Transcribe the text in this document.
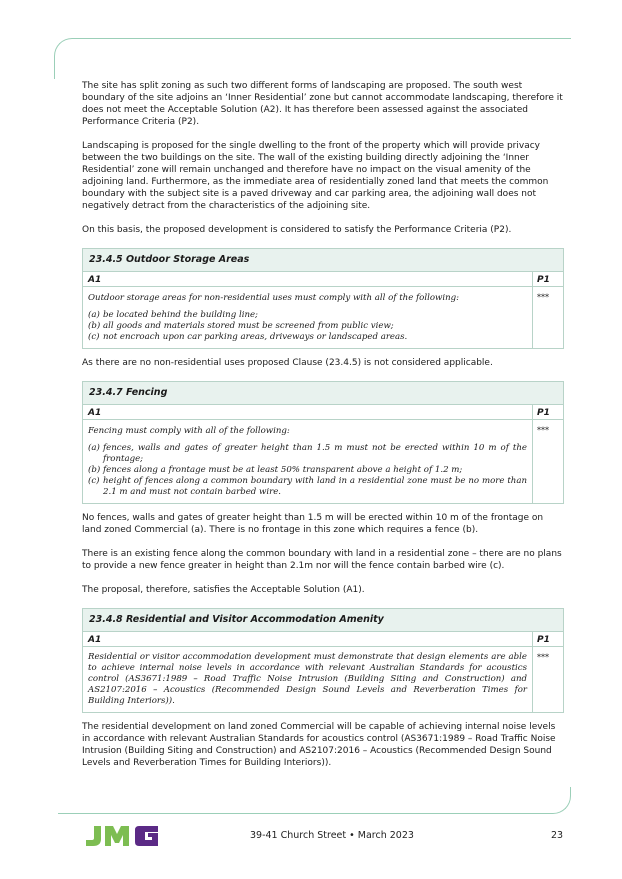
The site has split zoning as such two different forms of landscaping are proposed. The south west boundary of the site adjoins an ‘Inner Residential’ zone but cannot accommodate landscaping, therefore it does not meet the Acceptable Solution (A2). It has therefore been assessed against the associated Performance Criteria (P2).

Landscaping is proposed for the single dwelling to the front of the property which will provide privacy between the two buildings on the site. The wall of the existing building directly adjoining the ‘Inner Residential’ zone will remain unchanged and therefore have no impact on the visual amenity of the adjoining land. Furthermore, as the immediate area of residentially zoned land that meets the common boundary with the subject site is a paved driveway and car parking area, the adjoining wall does not negatively detract from the characteristics of the adjoining site.

On this basis, the proposed development is considered to satisfy the Performance Criteria (P2).

23.4.5 Outdoor Storage Areas
A1
Outdoor storage areas for non-residential uses must comply with all of the following:
(a) be located behind the building line;
(b) all goods and materials stored must be screened from public view;
(c) not encroach upon car parking areas, driveways or landscaped areas.
P1
***

As there are no non-residential uses proposed Clause (23.4.5) is not considered applicable.

23.4.7 Fencing
A1
Fencing must comply with all of the following:
(a) fences, walls and gates of greater height than 1.5 m must not be erected within 10 m of the frontage;
(b) fences along a frontage must be at least 50% transparent above a height of 1.2 m;
(c) height of fences along a common boundary with land in a residential zone must be no more than 2.1 m and must not contain barbed wire.
P1
***

No fences, walls and gates of greater height than 1.5 m will be erected within 10 m of the frontage on land zoned Commercial (a). There is no frontage in this zone which requires a fence (b).

There is an existing fence along the common boundary with land in a residential zone – there are no plans to provide a new fence greater in height than 2.1m nor will the fence contain barbed wire (c).

The proposal, therefore, satisfies the Acceptable Solution (A1).

23.4.8 Residential and Visitor Accommodation Amenity
A1
Residential or visitor accommodation development must demonstrate that design elements are able to achieve internal noise levels in accordance with relevant Australian Standards for acoustics control (AS3671:1989 – Road Traffic Noise Intrusion (Building Siting and Construction) and AS2107:2016 – Acoustics (Recommended Design Sound Levels and Reverberation Times for Building Interiors)).
P1
***

The residential development on land zoned Commercial will be capable of achieving internal noise levels in accordance with relevant Australian Standards for acoustics control (AS3671:1989 – Road Traffic Noise Intrusion (Building Siting and Construction) and AS2107:2016 – Acoustics (Recommended Design Sound Levels and Reverberation Times for Building Interiors)).

39-41 Church Street • March 2023	23
